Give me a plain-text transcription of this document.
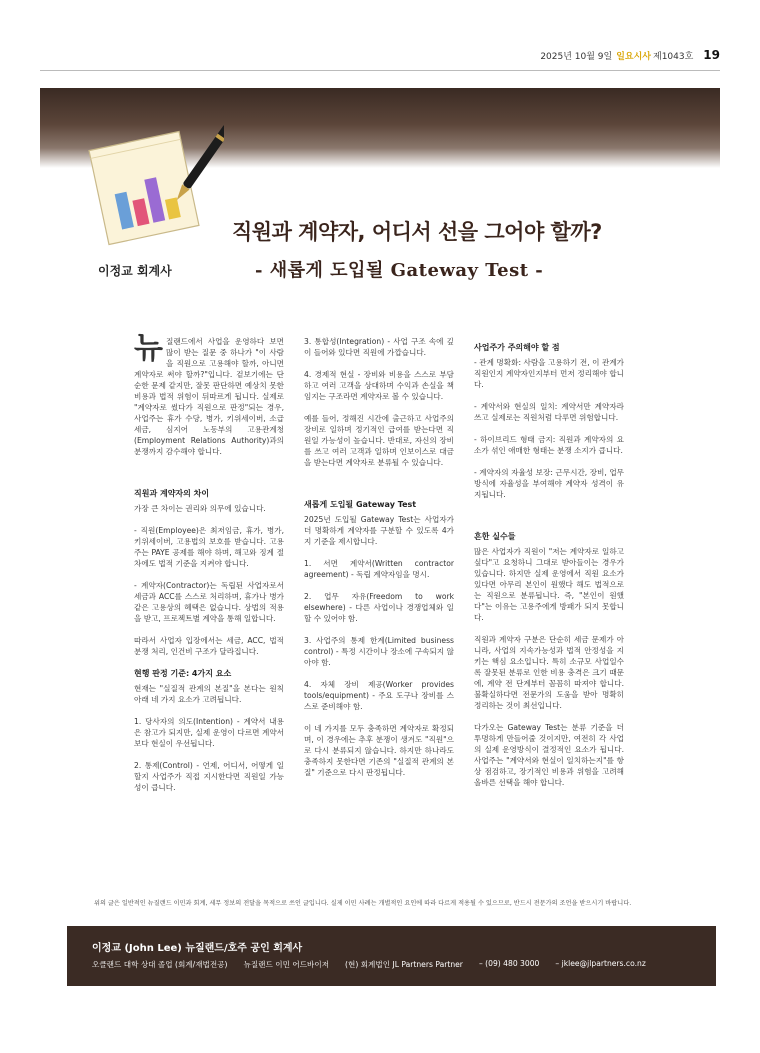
2025년 10월 9일 일요시사 제1043호 19
이정교 회계사
직원과 계약자, 어디서 선을 그어야 할까?
- 새롭게 도입될 Gateway Test -

뉴질랜드에서 사업을 운영하다 보면 많이 받는 질문 중 하나가 "이 사람을 직원으로 고용해야 할까, 아니면 계약자로 써야 할까?"입니다. 겉보기에는 단순한 문제 같지만, 잘못 판단하면 예상치 못한 비용과 법적 위험이 뒤따르게 됩니다. 실제로 "계약자로 썼다가 직원으로 판정"되는 경우, 사업주는 휴가 수당, 병가, 키위세이버, 소급 세금, 심지어 노동부의 고용관계청(Employment Relations Authority)과의 분쟁까지 감수해야 합니다.

직원과 계약자의 차이

가장 큰 차이는 권리와 의무에 있습니다.

- 직원(Employee)은 최저임금, 휴가, 병가, 키위세이버, 고용법의 보호를 받습니다. 고용주는 PAYE 공제를 해야 하며, 해고와 징계 절차에도 법적 기준을 지켜야 합니다.

- 계약자(Contractor)는 독립된 사업자로서 세금과 ACC를 스스로 처리하며, 휴가나 병가 같은 고용상의 혜택은 없습니다. 상법의 적용을 받고, 프로젝트별 계약을 통해 일합니다.

따라서 사업자 입장에서는 세금, ACC, 법적 분쟁 처리, 인건비 구조가 달라집니다.

현행 판정 기준: 4가지 요소

현재는 "실질적 관계의 본질"을 본다는 원칙 아래 네 가지 요소가 고려됩니다.

1. 당사자의 의도(Intention) - 계약서 내용은 참고가 되지만, 실제 운영이 다르면 계약서보다 현실이 우선됩니다.

2. 통제(Control) - 언제, 어디서, 어떻게 일할지 사업주가 직접 지시한다면 직원일 가능성이 큽니다.

3. 통합성(Integration) - 사업 구조 속에 깊이 들어와 있다면 직원에 가깝습니다.

4. 경제적 현실 - 장비와 비용을 스스로 부담하고 여러 고객을 상대하며 수익과 손실을 책임지는 구조라면 계약자로 볼 수 있습니다.

예를 들어, 정해진 시간에 출근하고 사업주의 장비로 일하며 정기적인 급여를 받는다면 직원일 가능성이 높습니다. 반대로, 자신의 장비를 쓰고 여러 고객과 일하며 인보이스로 대금을 받는다면 계약자로 분류될 수 있습니다.

새롭게 도입될 Gateway Test

2025년 도입될 Gateway Test는 사업자가 더 명확하게 계약자를 구분할 수 있도록 4가지 기준을 제시합니다.

1. 서면 계약서(Written contractor agreement) - 독립 계약자임을 명시.

2. 업무 자유(Freedom to work elsewhere) - 다른 사업이나 경쟁업체와 일할 수 있어야 함.

3. 사업주의 통제 한계(Limited business control) - 특정 시간이나 장소에 구속되지 않아야 함.

4. 자체 장비 제공(Worker provides tools/equipment) - 주요 도구나 장비를 스스로 준비해야 함.

이 네 가지를 모두 충족하면 계약자로 확정되며, 이 경우에는 추후 분쟁이 생겨도 "직원"으로 다시 분류되지 않습니다. 하지만 하나라도 충족하지 못한다면 기존의 "실질적 관계의 본질" 기준으로 다시 판정됩니다.

사업주가 주의해야 할 점

- 관계 명확화: 사람을 고용하기 전, 이 관계가 직원인지 계약자인지부터 먼저 정리해야 합니다.

- 계약서와 현실의 일치: 계약서만 계약자라 쓰고 실제로는 직원처럼 다루면 위험합니다.

- 하이브리드 형태 금지: 직원과 계약자의 요소가 섞인 애매한 형태는 분쟁 소지가 큽니다.

- 계약자의 자율성 보장: 근무시간, 장비, 업무 방식에 자율성을 부여해야 계약자 성격이 유지됩니다.

흔한 실수들

많은 사업자가 직원이 "저는 계약자로 일하고 싶다"고 요청하니 그대로 받아들이는 경우가 있습니다. 하지만 실제 운영에서 직원 요소가 있다면 아무리 본인이 원했다 해도 법적으로는 직원으로 분류됩니다. 즉, "본인이 원했다"는 이유는 고용주에게 방패가 되지 못합니다.

직원과 계약자 구분은 단순히 세금 문제가 아니라, 사업의 지속가능성과 법적 안정성을 지키는 핵심 요소입니다. 특히 소규모 사업일수록 잘못된 분류로 인한 비용 충격은 크기 때문에, 계약 전 단계부터 꼼꼼히 따져야 합니다. 불확실하다면 전문가의 도움을 받아 명확히 정리하는 것이 최선입니다.

다가오는 Gateway Test는 분류 기준을 더 투명하게 만들어줄 것이지만, 여전히 각 사업의 실제 운영방식이 결정적인 요소가 됩니다. 사업주는 "계약서와 현실이 일치하는지"를 항상 점검하고, 장기적인 비용과 위험을 고려해 올바른 선택을 해야 합니다.

위의 글은 일반적인 뉴질랜드 이민과 회계, 세무 정보의 전달을 목적으로 쓰인 글입니다. 실제 이민 사례는 개별적인 요인에 따라 다르게 적용될 수 있으므로, 반드시 전문가의 조언을 받으시기 바랍니다.
이정교 (John Lee) 뉴질랜드/호주 공인 회계사
오클랜드 대학 상대 졸업 (회계/재법전공) 뉴질랜드 이민 어드바이저 (현) 회계법인 JL Partners Partner – (09) 480 3000 – jklee@jlpartners.co.nz
